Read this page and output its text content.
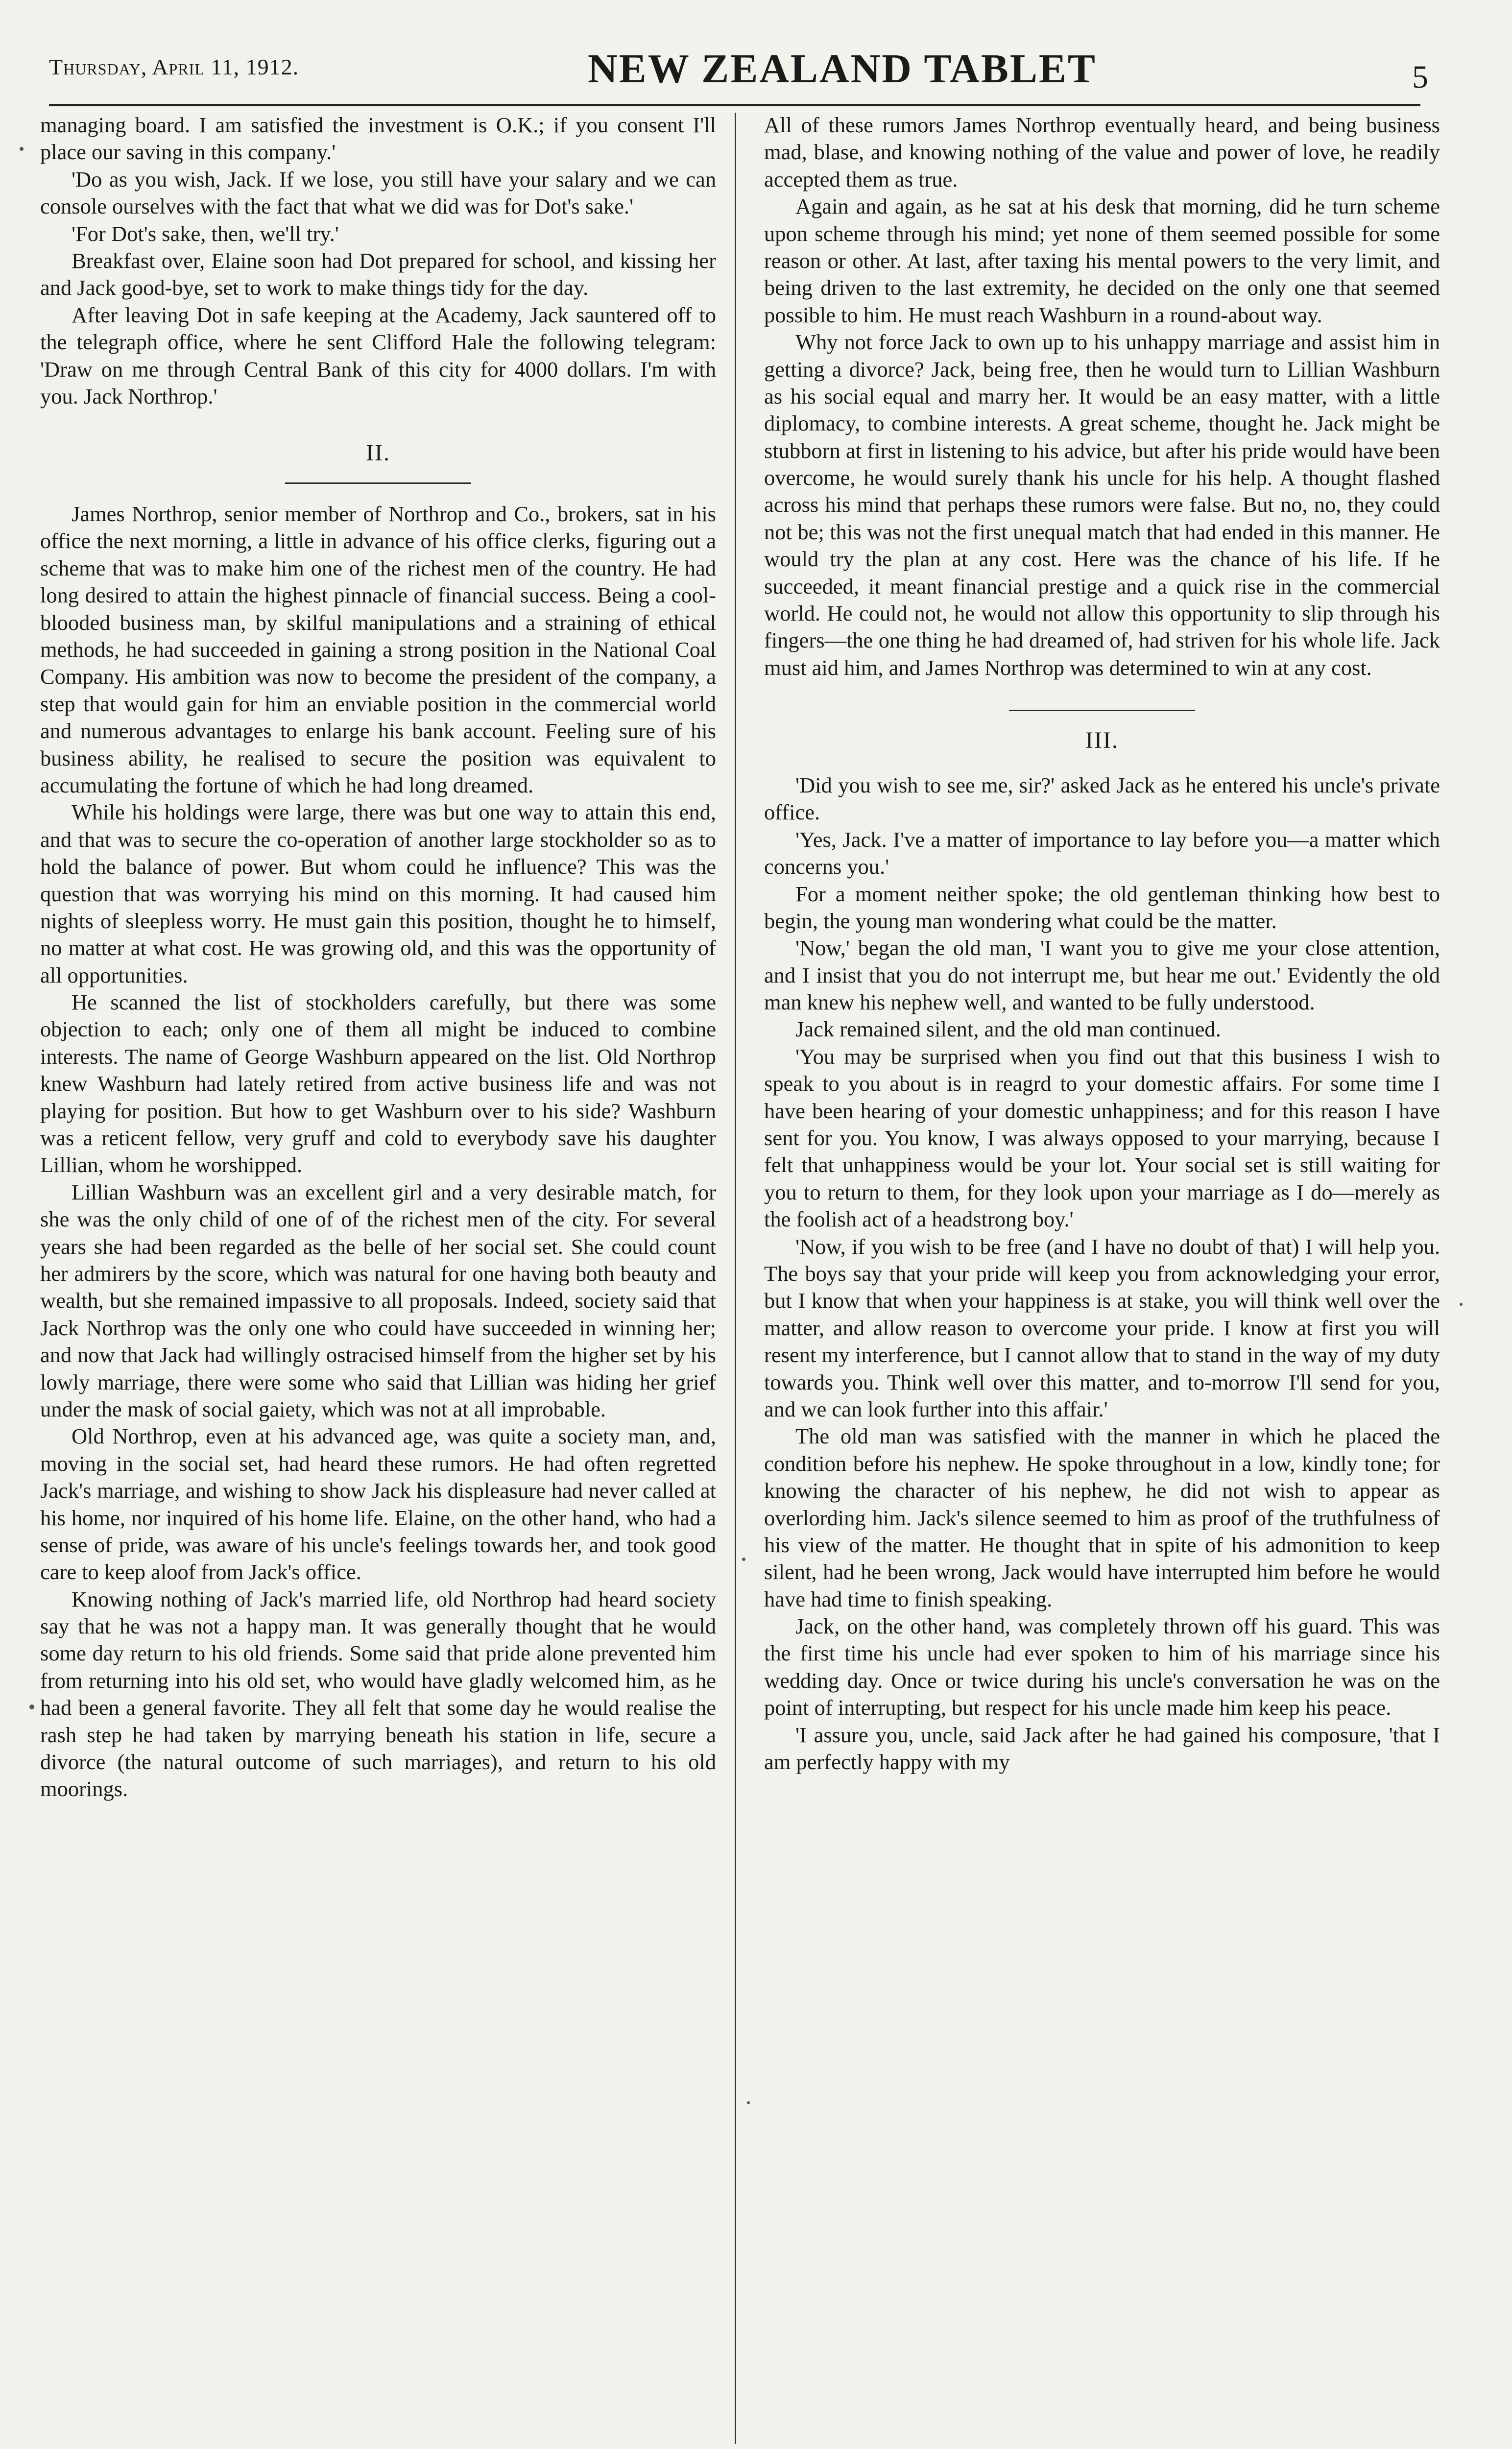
Thursday, April 11, 1912.	NEW ZEALAND TABLET	5

managing board. I am satisfied the investment is O.K.; if you consent I'll place our saving in this company.'

'Do as you wish, Jack. If we lose, you still have your salary and we can console ourselves with the fact that what we did was for Dot's sake.'

'For Dot's sake, then, we'll try.'

Breakfast over, Elaine soon had Dot prepared for school, and kissing her and Jack good-bye, set to work to make things tidy for the day.

After leaving Dot in safe keeping at the Academy, Jack sauntered off to the telegraph office, where he sent Clifford Hale the following telegram: 'Draw on me through Central Bank of this city for 4000 dollars. I'm with you. Jack Northrop.'

II.

James Northrop, senior member of Northrop and Co., brokers, sat in his office the next morning, a little in advance of his office clerks, figuring out a scheme that was to make him one of the richest men of the country. He had long desired to attain the highest pinnacle of financial success. Being a cool-blooded business man, by skilful manipulations and a straining of ethical methods, he had succeeded in gaining a strong position in the National Coal Company. His ambition was now to become the president of the company, a step that would gain for him an enviable position in the commercial world and numerous advantages to enlarge his bank account. Feeling sure of his business ability, he realised to secure the position was equivalent to accumulating the fortune of which he had long dreamed.

While his holdings were large, there was but one way to attain this end, and that was to secure the co-operation of another large stockholder so as to hold the balance of power. But whom could he influence? This was the question that was worrying his mind on this morning. It had caused him nights of sleepless worry. He must gain this position, thought he to himself, no matter at what cost. He was growing old, and this was the opportunity of all opportunities.

He scanned the list of stockholders carefully, but there was some objection to each; only one of them all might be induced to combine interests. The name of George Washburn appeared on the list. Old Northrop knew Washburn had lately retired from active business life and was not playing for position. But how to get Washburn over to his side? Washburn was a reticent fellow, very gruff and cold to everybody save his daughter Lillian, whom he worshipped.

Lillian Washburn was an excellent girl and a very desirable match, for she was the only child of one of of the richest men of the city. For several years she had been regarded as the belle of her social set. She could count her admirers by the score, which was natural for one having both beauty and wealth, but she remained impassive to all proposals. Indeed, society said that Jack Northrop was the only one who could have succeeded in winning her; and now that Jack had willingly ostracised himself from the higher set by his lowly marriage, there were some who said that Lillian was hiding her grief under the mask of social gaiety, which was not at all improbable.

Old Northrop, even at his advanced age, was quite a society man, and, moving in the social set, had heard these rumors. He had often regretted Jack's marriage, and wishing to show Jack his displeasure had never called at his home, nor inquired of his home life. Elaine, on the other hand, who had a sense of pride, was aware of his uncle's feelings towards her, and took good care to keep aloof from Jack's office.

Knowing nothing of Jack's married life, old Northrop had heard society say that he was not a happy man. It was generally thought that he would some day return to his old friends. Some said that pride alone prevented him from returning into his old set, who would have gladly welcomed him, as he had been a general favorite. They all felt that some day he would realise the rash step he had taken by marrying beneath his station in life, secure a divorce (the natural outcome of such marriages), and return to his old moorings.

All of these rumors James Northrop eventually heard, and being business mad, blase, and knowing nothing of the value and power of love, he readily accepted them as true.

Again and again, as he sat at his desk that morning, did he turn scheme upon scheme through his mind; yet none of them seemed possible for some reason or other. At last, after taxing his mental powers to the very limit, and being driven to the last extremity, he decided on the only one that seemed possible to him. He must reach Washburn in a round-about way.

Why not force Jack to own up to his unhappy marriage and assist him in getting a divorce? Jack, being free, then he would turn to Lillian Washburn as his social equal and marry her. It would be an easy matter, with a little diplomacy, to combine interests. A great scheme, thought he. Jack might be stubborn at first in listening to his advice, but after his pride would have been overcome, he would surely thank his uncle for his help. A thought flashed across his mind that perhaps these rumors were false. But no, no, they could not be; this was not the first unequal match that had ended in this manner. He would try the plan at any cost. Here was the chance of his life. If he succeeded, it meant financial prestige and a quick rise in the commercial world. He could not, he would not allow this opportunity to slip through his fingers—the one thing he had dreamed of, had striven for his whole life. Jack must aid him, and James Northrop was determined to win at any cost.

III.

'Did you wish to see me, sir?' asked Jack as he entered his uncle's private office.

'Yes, Jack. I've a matter of importance to lay before you—a matter which concerns you.'

For a moment neither spoke; the old gentleman thinking how best to begin, the young man wondering what could be the matter.

'Now,' began the old man, 'I want you to give me your close attention, and I insist that you do not interrupt me, but hear me out.' Evidently the old man knew his nephew well, and wanted to be fully understood.

Jack remained silent, and the old man continued.

'You may be surprised when you find out that this business I wish to speak to you about is in reagrd to your domestic affairs. For some time I have been hearing of your domestic unhappiness; and for this reason I have sent for you. You know, I was always opposed to your marrying, because I felt that unhappiness would be your lot. Your social set is still waiting for you to return to them, for they look upon your marriage as I do—merely as the foolish act of a headstrong boy.'

'Now, if you wish to be free (and I have no doubt of that) I will help you. The boys say that your pride will keep you from acknowledging your error, but I know that when your happiness is at stake, you will think well over the matter, and allow reason to overcome your pride. I know at first you will resent my interference, but I cannot allow that to stand in the way of my duty towards you. Think well over this matter, and to-morrow I'll send for you, and we can look further into this affair.'

The old man was satisfied with the manner in which he placed the condition before his nephew. He spoke throughout in a low, kindly tone; for knowing the character of his nephew, he did not wish to appear as overlording him. Jack's silence seemed to him as proof of the truthfulness of his view of the matter. He thought that in spite of his admonition to keep silent, had he been wrong, Jack would have interrupted him before he would have had time to finish speaking.

Jack, on the other hand, was completely thrown off his guard. This was the first time his uncle had ever spoken to him of his marriage since his wedding day. Once or twice during his uncle's conversation he was on the point of interrupting, but respect for his uncle made him keep his peace.

'I assure you, uncle, said Jack after he had gained his composure, 'that I am perfectly happy with my
